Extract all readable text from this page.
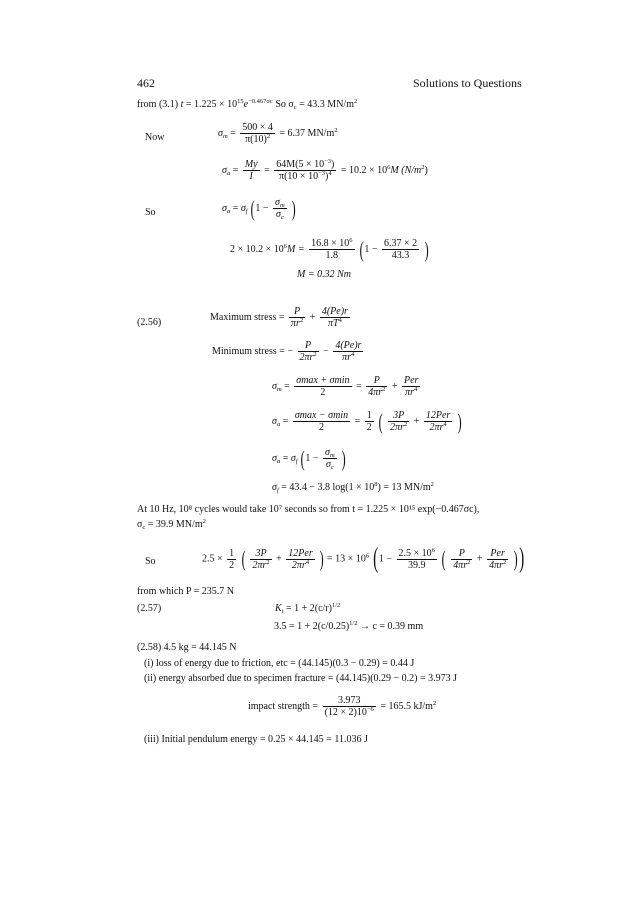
462	Solutions to Questions
from (3.1) $t = 1.225 \times 10^{15}e^{-0.467\sigma c}$ So $\sigma_c = 43.3$ $MN/m^2$
Now	$\sigma_m = \frac{500 \times 4}{\pi(10)^2} = 6.37$ $MN/m^2$
$\sigma_a = \frac{My}{I} = \frac{64M(5 \times 10^{-3})}{\pi(10 \times 10^{-3})^4} = 10.2 \times 10^6M$ $(N/m^2)$
So	$\sigma_a = \sigma_f$ ($1 - \frac{\sigma_m}{\sigma_c}$ )
$2 \times 10.2 \times 10^6M = \frac{16.8 \times 10^6}{1.8} (1 - \frac{6.37 \times 2}{43.3}$ )
M = 0.32 Nm
(2.56)	Maximum stress = $\frac{P}{\pi r^2} + \frac{4(Pe)r}{\pi T^4}$
Minimum stress = − $\frac{P}{2\pi r^2} - \frac{4(Pe)r}{\pi r^4}$
$\sigma_m$ =
σmax + σmin
2
= $\frac{P}{4\pi r^2}$ +
Per
$\pi r^4$
$\sigma_a$ =
σmax − σmin
2
= $\frac{1}{2}$ ( $\frac{3P}{2\pi r^2}$ +
12Per
$2\pi r^4$ )
$\sigma_a = \sigma_f$ ($1 - \frac{\sigma_m}{\sigma_c}$ )
$\sigma_f = 43.4 - 3.8$ $\log(1 \times 10^8) = 13$ $MN/m^2$
At 10 Hz, 10⁸ cycles would take 10⁷ seconds so from t = 1.225 × 10¹⁵ exp(−0.467σc),
$\sigma_c = 39.9$ $MN/m^2$
So	$2.5 \times \frac{1}{2}$ ( $\frac{3P}{2\pi r^2}$ +
12Per
$2\pi r^4$ ) = $13 \times 10^6$ ($1 - \frac{2.5 \times 10^6}{39.9}$ ( $\frac{P}{4\pi r^2}$ +
Per
$4\pi r^2$ ))
from which P = 235.7 N
(2.57)	$K_t = 1 + 2(c/r)^{1/2}$
$3.5 = 1 + 2(c/0.25)^{1/2} \to c = 0.39$ mm
(2.58) 4.5 kg = 44.145 N
(i) loss of energy due to friction, etc = (44.145)(0.3 − 0.29) = 0.44 J
(ii) energy absorbed due to specimen fracture = (44.145)(0.29 − 0.2) = 3.973 J
impact strength = $\frac{3.973}{(12 \times 2)10^{-6}} = 165.5$ $kJ/m^2$
(iii) Initial pendulum energy = 0.25 × 44.145 = 11.036 J
